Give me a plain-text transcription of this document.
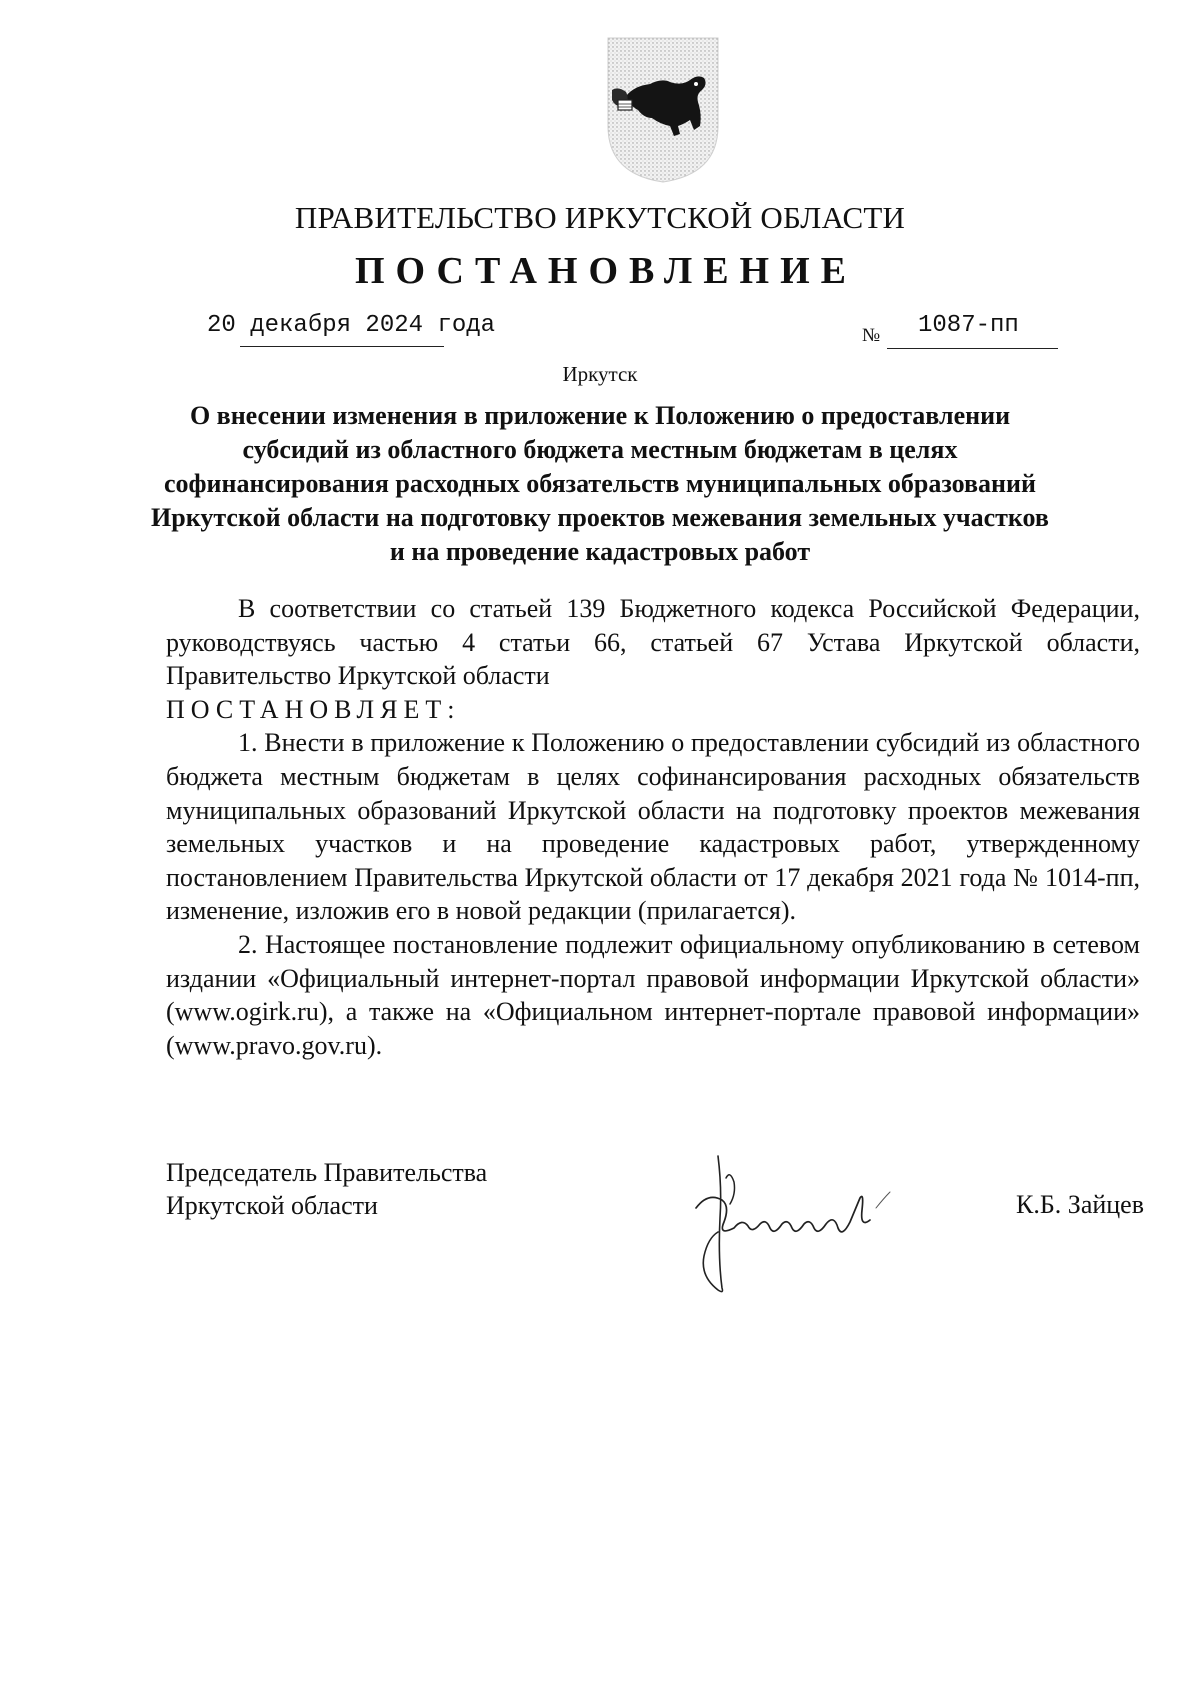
ПРАВИТЕЛЬСТВО ИРКУТСКОЙ ОБЛАСТИ
ПОСТАНОВЛЕНИЕ
20 декабря 2024 года	№ 1087-пп
Иркутск
О внесении изменения в приложение к Положению о предоставлении субсидий из областного бюджета местным бюджетам в целях софинансирования расходных обязательств муниципальных образований Иркутской области на подготовку проектов межевания земельных участков и на проведение кадастровых работ

В соответствии со статьей 139 Бюджетного кодекса Российской Федерации, руководствуясь частью 4 статьи 66, статьей 67 Устава Иркутской области, Правительство Иркутской области

ПОСТАНОВЛЯЕТ:

1. Внести в приложение к Положению о предоставлении субсидий из областного бюджета местным бюджетам в целях софинансирования расходных обязательств муниципальных образований Иркутской области на подготовку проектов межевания земельных участков и на проведение кадастровых работ, утвержденному постановлением Правительства Иркутской области от 17 декабря 2021 года № 1014-пп, изменение, изложив его в новой редакции (прилагается).

2. Настоящее постановление подлежит официальному опубликованию в сетевом издании «Официальный интернет-портал правовой информации Иркутской области» (www.ogirk.ru), а также на «Официальном интернет-портале правовой информации» (www.pravo.gov.ru).

Председатель Правительства
Иркутской области	К.Б. Зайцев
